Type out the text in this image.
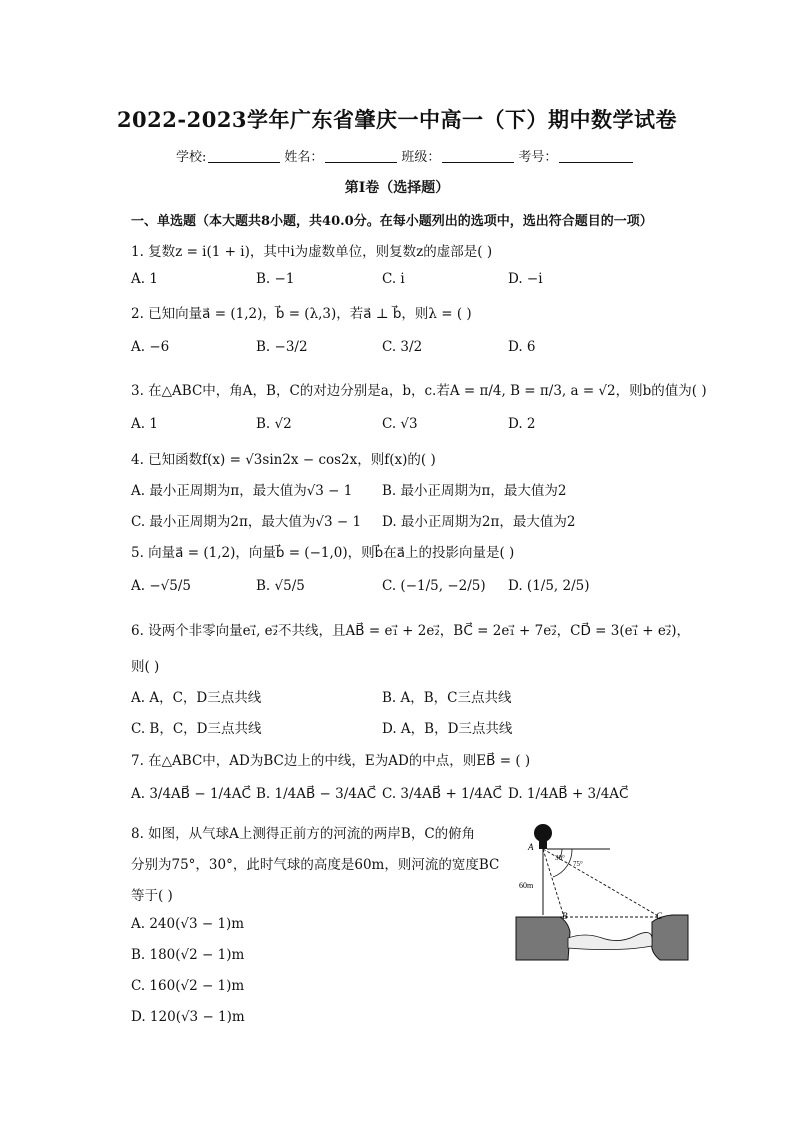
2022-2023学年广东省肇庆一中高一（下）期中数学试卷
学校:	姓名：	班级：	考号：
第I卷（选择题）
一、单选题（本大题共8小题，共40.0分。在每小题列出的选项中，选出符合题目的一项）
1. 复数z = i(1 + i)，其中i为虚数单位，则复数z的虚部是( )
A. 1	B. −1	C. i	D. −i
2. 已知向量a⃗ = (1,2)，b⃗ = (λ,3)，若a⃗ ⊥ b⃗，则λ = ( )
A. −6	B. −3/2	C. 3/2	D. 6
3. 在△ABC中，角A，B，C的对边分别是a，b，c.若A = π/4, B = π/3, a = √2，则b的值为( )
A. 1	B. √2	C. √3	D. 2
4. 已知函数f(x) = √3sin2x − cos2x，则f(x)的( )
A. 最小正周期为π，最大值为√3 − 1 B. 最小正周期为π，最大值为2
C. 最小正周期为2π，最大值为√3 − 1 D. 最小正周期为2π，最大值为2
5. 向量a⃗ = (1,2)，向量b⃗ = (−1,0)，则b⃗在a⃗上的投影向量是( )
A. −√5/5	B. √5/5	C. (−1/5, −2/5) D. (1/5, 2/5)
6. 设两个非零向量e₁⃗, e₂⃗不共线，且AB⃗ = e₁⃗ + 2e₂⃗，BC⃗ = 2e₁⃗ + 7e₂⃗，CD⃗ = 3(e₁⃗ + e₂⃗)，
则( )
A. A，C，D三点共线	B. A，B，C三点共线
C. B，C，D三点共线	D. A，B，D三点共线
7. 在△ABC中，AD为BC边上的中线，E为AD的中点，则EB⃗ = ( )
A. 3/4AB⃗ − 1/4AC⃗ B. 1/4AB⃗ − 3/4AC⃗ C. 3/4AB⃗ + 1/4AC⃗ D. 1/4AB⃗ + 3/4AC⃗
8. 如图，从气球A上测得正前方的河流的两岸B，C的俯角
分别为75°，30°，此时气球的高度是60m，则河流的宽度BC
等于( )
A. 240(√3 − 1)m
B. 180(√2 − 1)m
C. 160(√2 − 1)m
D. 120(√3 − 1)m
A
B	C
30°
75°
60m
